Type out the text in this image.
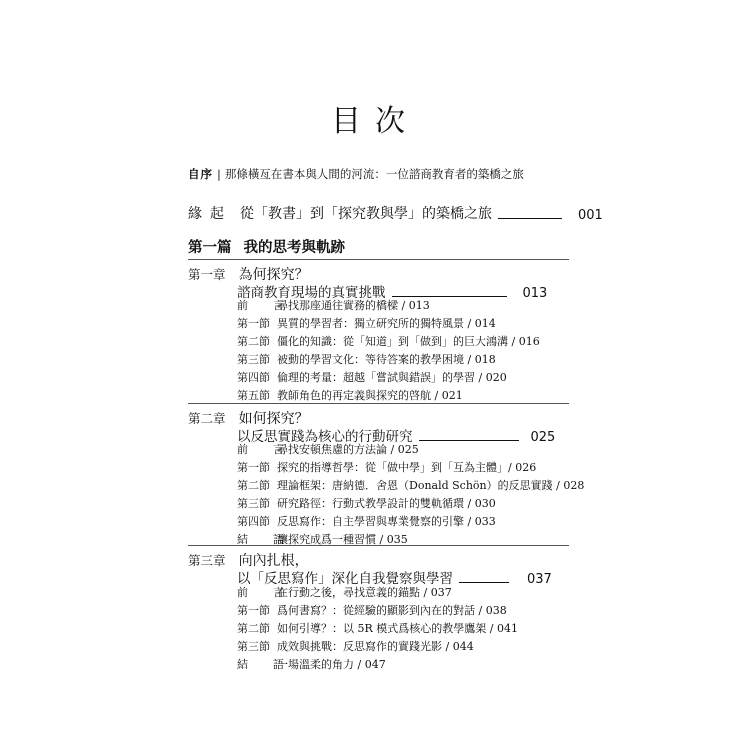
目次
自序 | 那條橫亙在書本與人間的河流：一位諮商教育者的築橋之旅
緣起 從「教書」到「探究教與學」的築橋之旅	001
第一篇 我的思考與軌跡
第一章 為何探究？
諮商教育現場的真實挑戰	013
前　言尋找那座通往實務的橋樑 / 013
第一節 異質的學習者：獨立研究所的獨特風景 / 014
第二節 僵化的知識：從「知道」到「做到」的巨大鴻溝 / 016
第三節 被動的學習文化：等待答案的教學困境 / 018
第四節 倫理的考量：超越「嘗試與錯誤」的學習 / 020
第五節 教師角色的再定義與探究的啓航 / 021
第二章 如何探究？
以反思實踐為核心的行動研究	025
前　言尋找安頓焦慮的方法論 / 025
第一節 探究的指導哲學：從「做中學」到「互為主體」/ 026
第二節 理論框架：唐納德．舍恩（Donald Schön）的反思實踐 / 028
第三節 研究路徑：行動式教學設計的雙軌循環 / 030
第四節 反思寫作：自主學習與專業覺察的引擎 / 033
結　語讓探究成爲一種習慣 / 035
第三章 向內扎根，
以「反思寫作」深化自我覺察與學習	037
前　言在行動之後，尋找意義的錨點 / 037
第一節 爲何書寫？：從經驗的顯影到內在的對話 / 038
第二節 如何引導？：以 5R 模式爲核心的教學鷹架 / 041
第三節 成效與挑戰：反思寫作的實踐光影 / 044
結　語一場溫柔的角力 / 047
